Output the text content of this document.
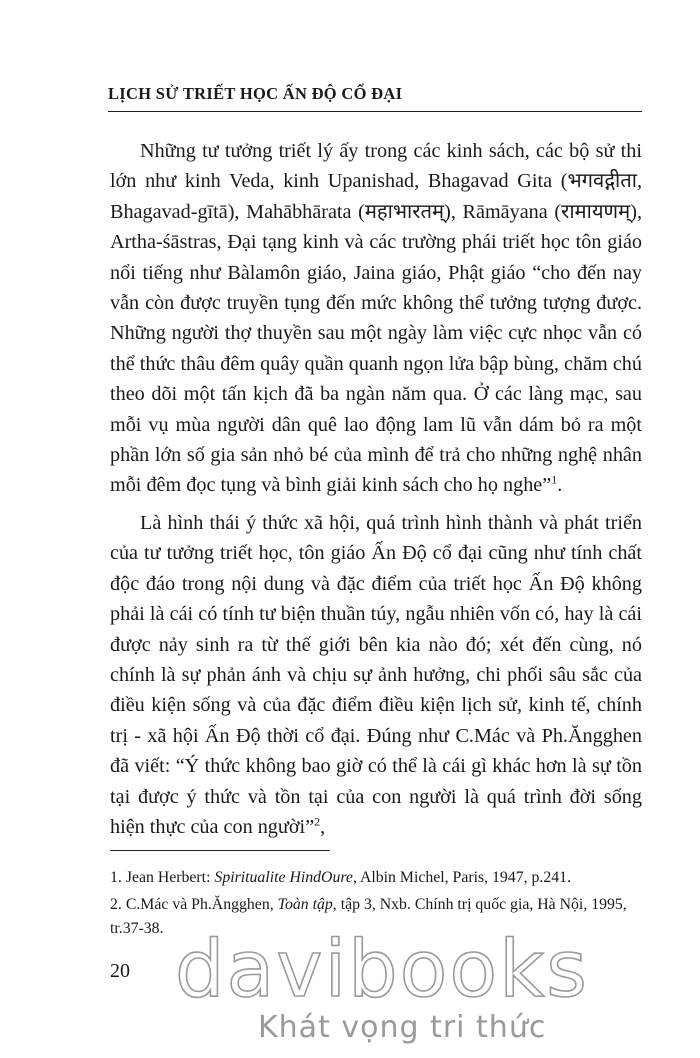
LỊCH SỬ TRIẾT HỌC ẤN ĐỘ CỔ ĐẠI

Những tư tưởng triết lý ấy trong các kinh sách, các bộ sử thi lớn như kinh Veda, kinh Upanishad, Bhagavad Gita (भगवद्गीता, Bhagavad-gītā), Mahābhārata (महाभारतम्), Rāmāyana (रामायणम्), Artha-śāstras, Đại tạng kinh và các trường phái triết học tôn giáo nổi tiếng như Bàlamôn giáo, Jaina giáo, Phật giáo “cho đến nay vẫn còn được truyền tụng đến mức không thể tưởng tượng được. Những người thợ thuyền sau một ngày làm việc cực nhọc vẫn có thể thức thâu đêm quây quần quanh ngọn lửa bập bùng, chăm chú theo dõi một tấn kịch đã ba ngàn năm qua. Ở các làng mạc, sau mỗi vụ mùa người dân quê lao động lam lũ vẫn dám bỏ ra một phần lớn số gia sản nhỏ bé của mình để trả cho những nghệ nhân mỗi đêm đọc tụng và bình giải kinh sách cho họ nghe”$^1$.

Là hình thái ý thức xã hội, quá trình hình thành và phát triển của tư tưởng triết học, tôn giáo Ấn Độ cổ đại cũng như tính chất độc đáo trong nội dung và đặc điểm của triết học Ấn Độ không phải là cái có tính tư biện thuần túy, ngẫu nhiên vốn có, hay là cái được nảy sinh ra từ thế giới bên kia nào đó; xét đến cùng, nó chính là sự phản ánh và chịu sự ảnh hưởng, chi phối sâu sắc của điều kiện sống và của đặc điểm điều kiện lịch sử, kinh tế, chính trị - xã hội Ấn Độ thời cổ đại. Đúng như C.Mác và Ph.Ăngghen đã viết: “Ý thức không bao giờ có thể là cái gì khác hơn là sự tồn tại được ý thức và tồn tại của con người là quá trình đời sống hiện thực của con người”$^2$,

1. Jean Herbert: Spiritualite HindOure, Albin Michel, Paris, 1947, p.241.
2. C.Mác và Ph.Ăngghen, Toàn tập, tập 3, Nxb. Chính trị quốc gia, Hà Nội, 1995, tr.37-38.
20 davibooks
Khát vọng tri thức
